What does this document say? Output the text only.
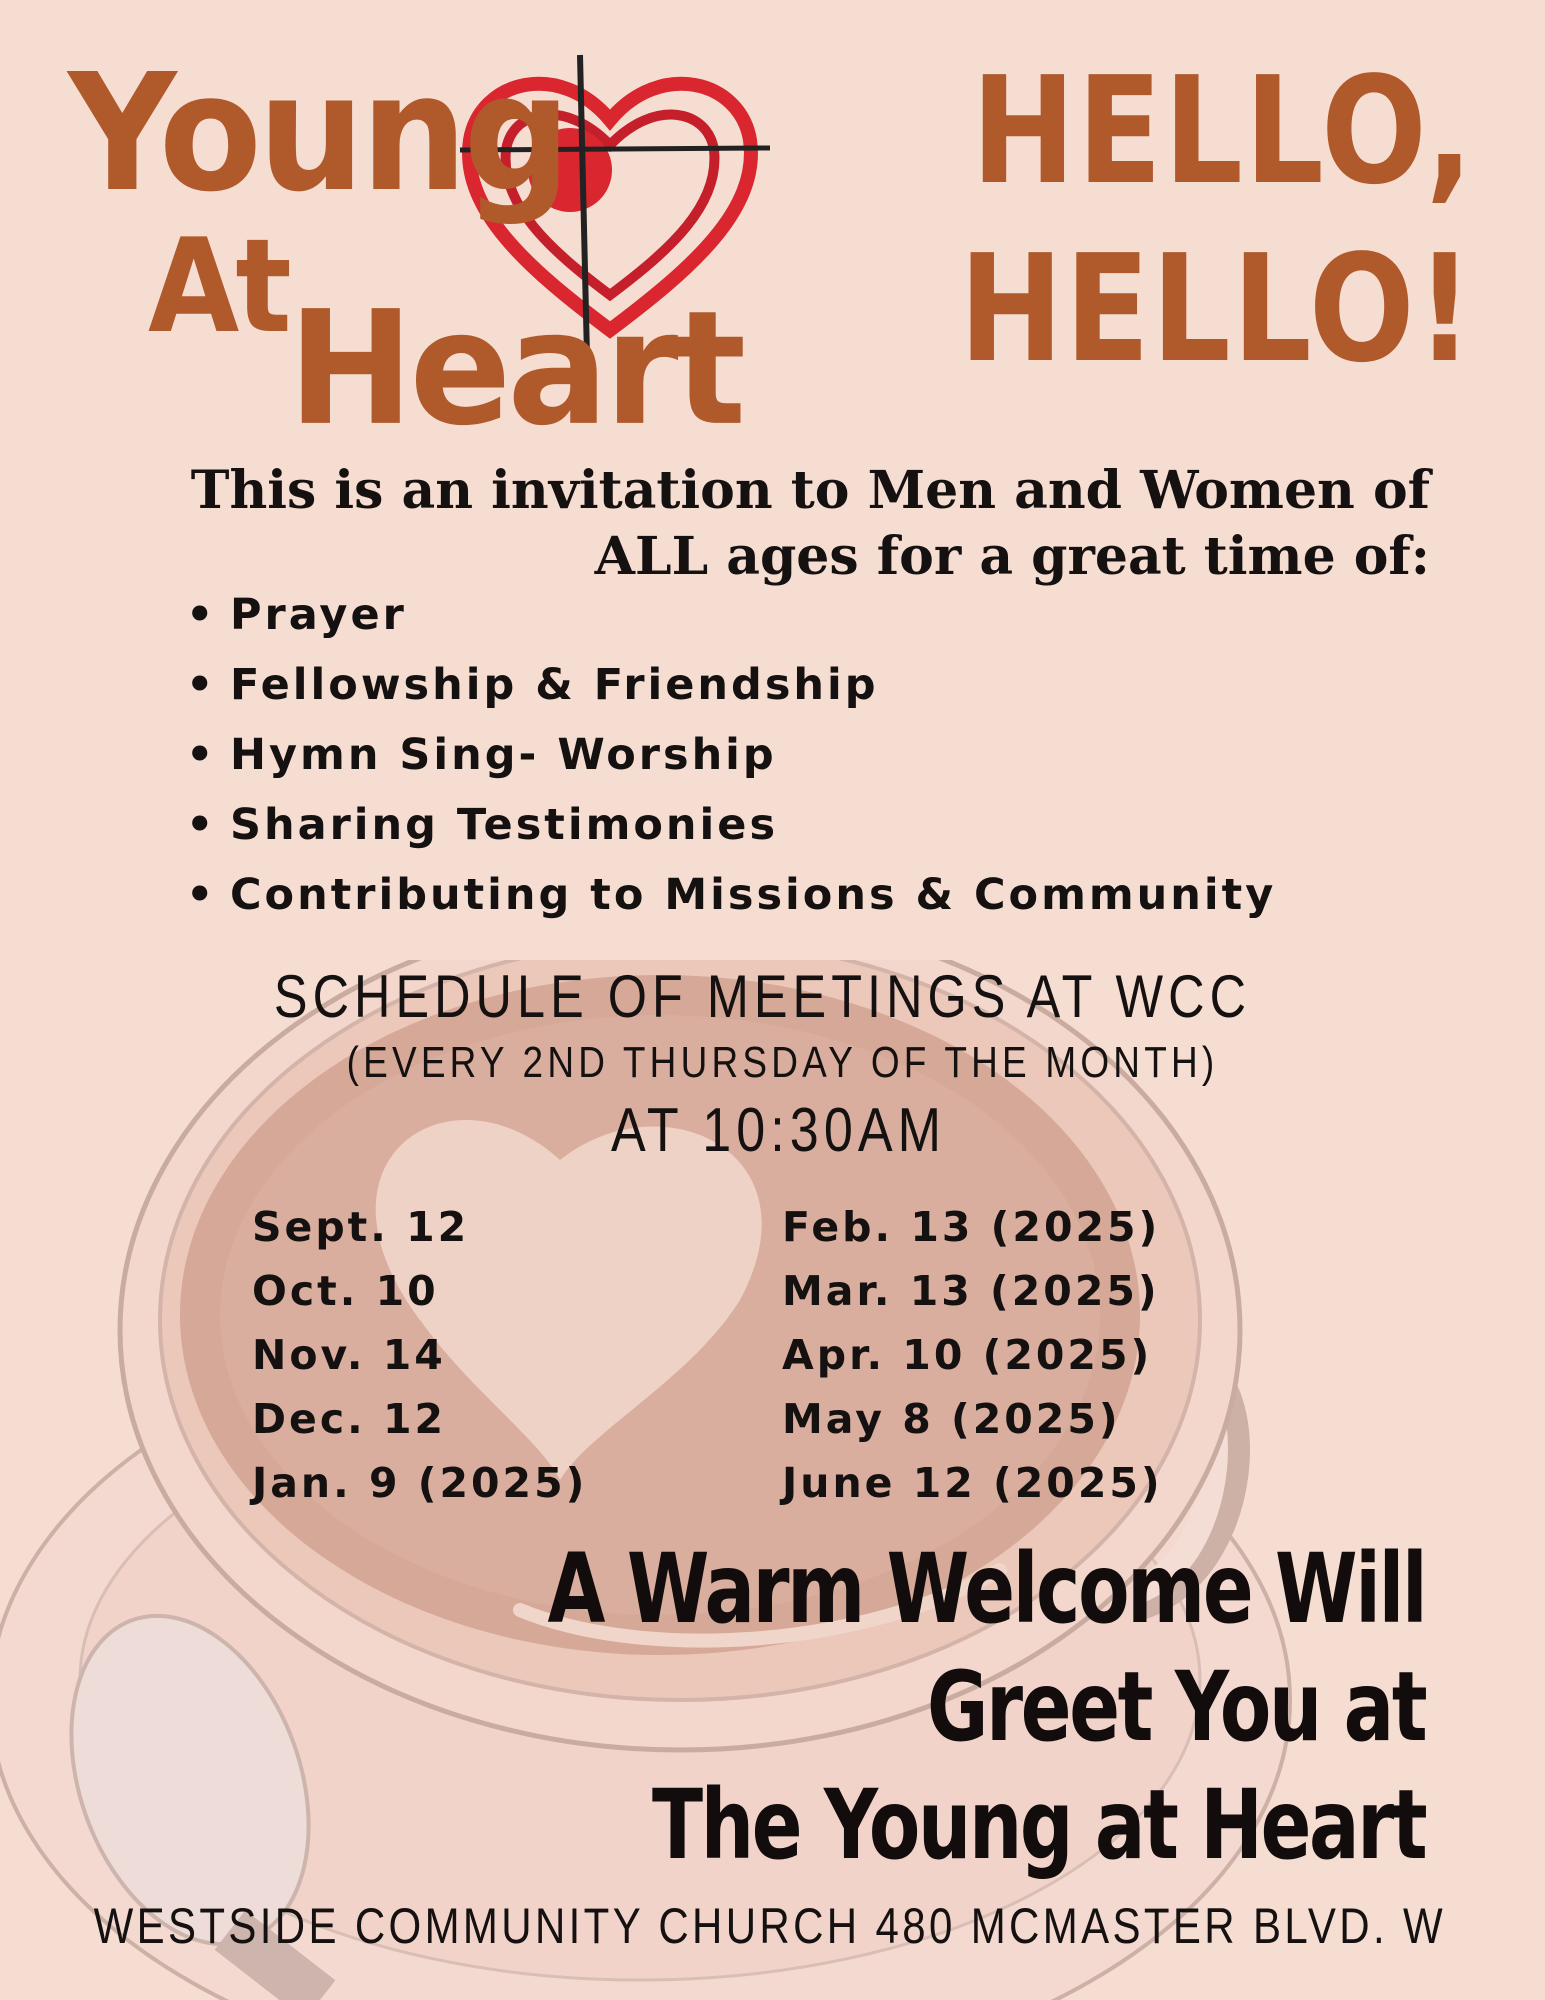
Young
At Heart
HELLO,
HELLO!
This is an invitation to Men and Women of
ALL ages for a great time of:
• Prayer
• Fellowship & Friendship
• Hymn Sing- Worship
• Sharing Testimonies
• Contributing to Missions & Community
SCHEDULE OF MEETINGS AT WCC
(EVERY 2ND THURSDAY OF THE MONTH)
AT 10:30AM
Sept. 12
Oct. 10
Nov. 14
Dec. 12
Jan. 9 (2025)
Feb. 13 (2025)
Mar. 13 (2025)
Apr. 10 (2025)
May 8 (2025)
June 12 (2025)
A Warm Welcome Will
Greet You at
The Young at Heart
WESTSIDE COMMUNITY CHURCH 480 MCMASTER BLVD. W
